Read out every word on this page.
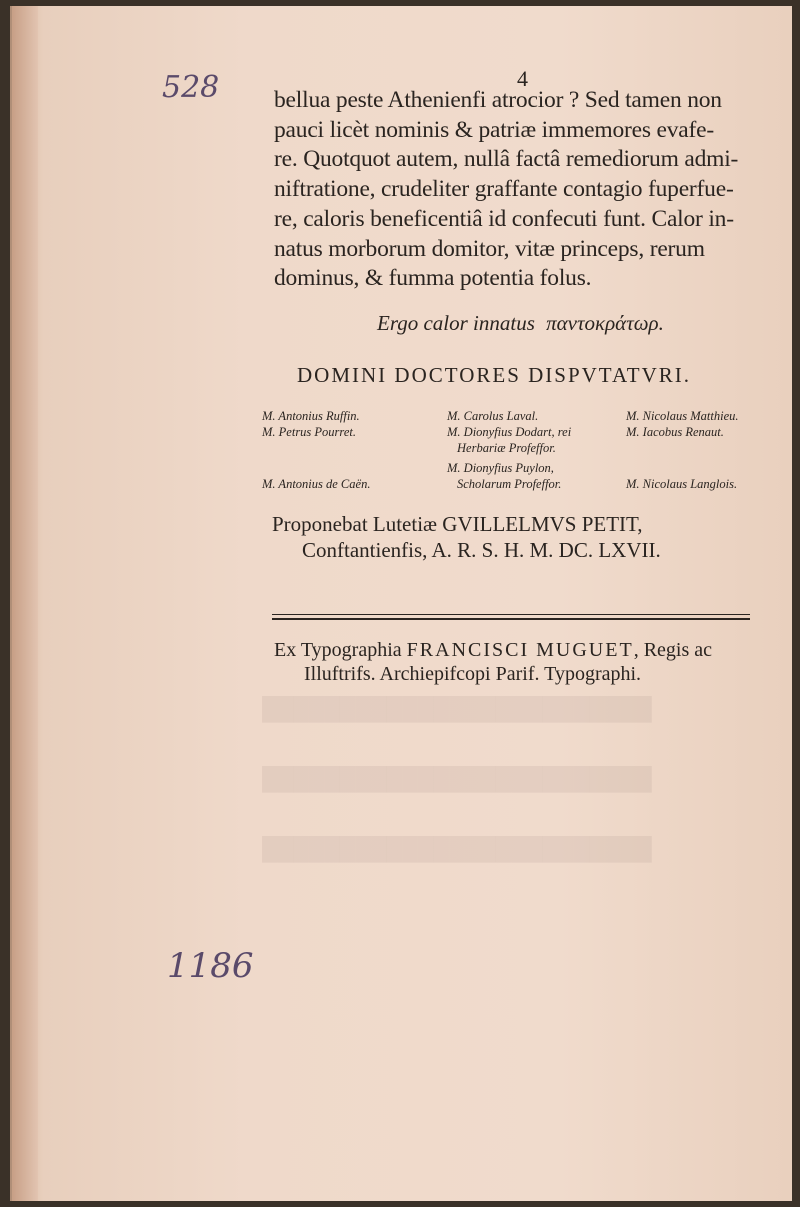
528
1186
4
bellua peste Athenienfi atrocior ? Sed tamen non
pauci licèt nominis & patriæ immemores evafe-
re. Quotquot autem, nullâ factâ remediorum admi-
niftratione, crudeliter graffante contagio fuperfue-
re, caloris beneficentiâ id confecuti funt. Calor in-
natus morborum domitor, vitæ princeps, rerum
dominus, & fumma potentia folus.
Ergo calor innatus παντοκράτωρ.
DOMINI DOCTORES DISPVTATVRI.
M. Antonius Ruffin.
M. Petrus Pourret.
M. Antonius de Caën.
M. Carolus Laval.
M. Dionyfius Dodart, rei
Herbariæ Profeffor.
M. Dionyfius Puylon,
Scholarum Profeffor.
M. Nicolaus Matthieu.
M. Iacobus Renaut.
M. Nicolaus Langlois.
Proponebat Lutetiæ GVILLELMVS PETIT,
Conftantienfis, A. R. S. H. M. DC. LXVII.
Ex Typographia FRANCISCI MUGUET, Regis ac
Illuftrifs. Archiepifcopi Parif. Typographi.
█████████████████████████
█████████████████████████
█████████████████████████
